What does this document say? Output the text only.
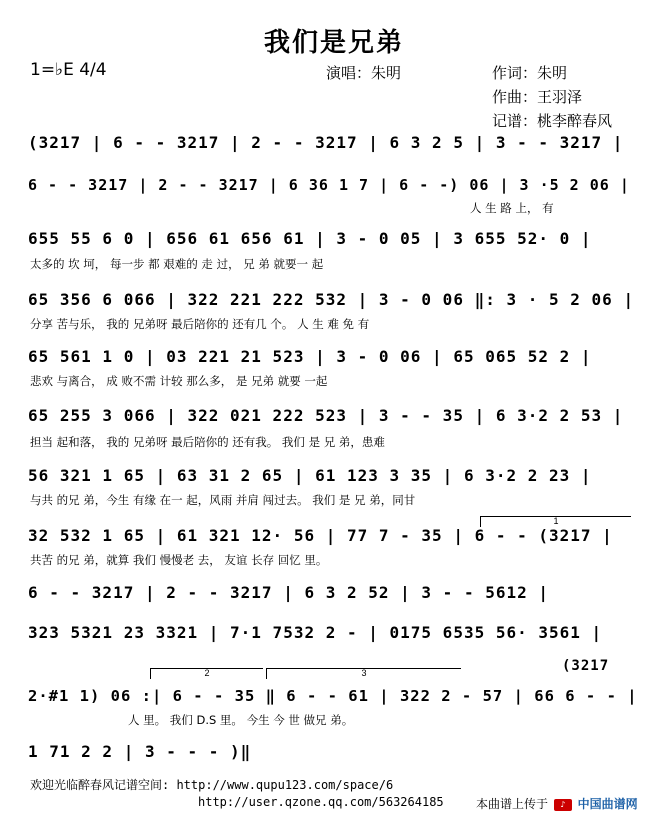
我们是兄弟
1=♭E 4/4	演唱：朱明	作词：朱明
作曲：王羽泽
记谱：桃李醉春风
(3217 | 6 - - 3217 | 2 - - 3217 | 6 3 2 5 | 3 - - 3217 |
6 - - 3217 | 2 - - 3217 | 6 36 1 7 | 6 - -) 06 | 3 ·5 2 06 |
人 生 路 上， 有
655 55 6 0 | 656 61 656 61 | 3 - 0 05 | 3 655 52· 0 |
太多的 坎 坷， 每一步 都 艰难的 走 过， 兄 弟 就要一 起
65 356 6 066 | 322 221 222 532 | 3 - 0 06 ‖: 3 · 5 2 06 |
分享 苦与乐， 我的 兄弟呀 最后陪你的 还有几 个。 人 生 难 免 有
65 561 1 0 | 03 221 21 523 | 3 - 0 06 | 65 065 52 2 |
悲欢 与离合， 成 败不需 计较 那么多， 是 兄弟 就要 一起
65 255 3 066 | 322 021 222 523 | 3 - - 35 | 6 3·2 2 53 |
担当 起和落， 我的 兄弟呀 最后陪你的 还有我。 我们 是 兄 弟，患难
56 321 1 65 | 63 31 2 65 | 61 123 3 35 | 6 3·2 2 23 |
与共 的兄 弟，今生 有缘 在一 起，风雨 并肩 闯过去。 我们 是 兄 弟，同甘
1
32 532 1 65 | 61 321 12· 56 | 77 7 - 35 | 6 - - (3217 |
共苦 的兄 弟，就算 我们 慢慢老 去， 友谊 长存 回忆 里。
6 - - 3217 | 2 - - 3217 | 6 3 2 52 | 3 - - 5612 |
323 5321 23 3321 | 7·1 7532 2 - | 0175 6535 56· 3561 |
2	3	(3217
2·#1 1) 06 :| 6 - - 35 ‖ 6 - - 61 | 322 2 - 57 | 66 6 - - |
人 里。 我们 D.S 里。 今生 今 世 做兄 弟。
1 71 2 2 | 3 - - - )‖
欢迎光临醉春风记谱空间: http://www.qupu123.com/space/6
http://user.qzone.qq.com/563264185	本曲谱上传于 ♪ 中国曲谱网
